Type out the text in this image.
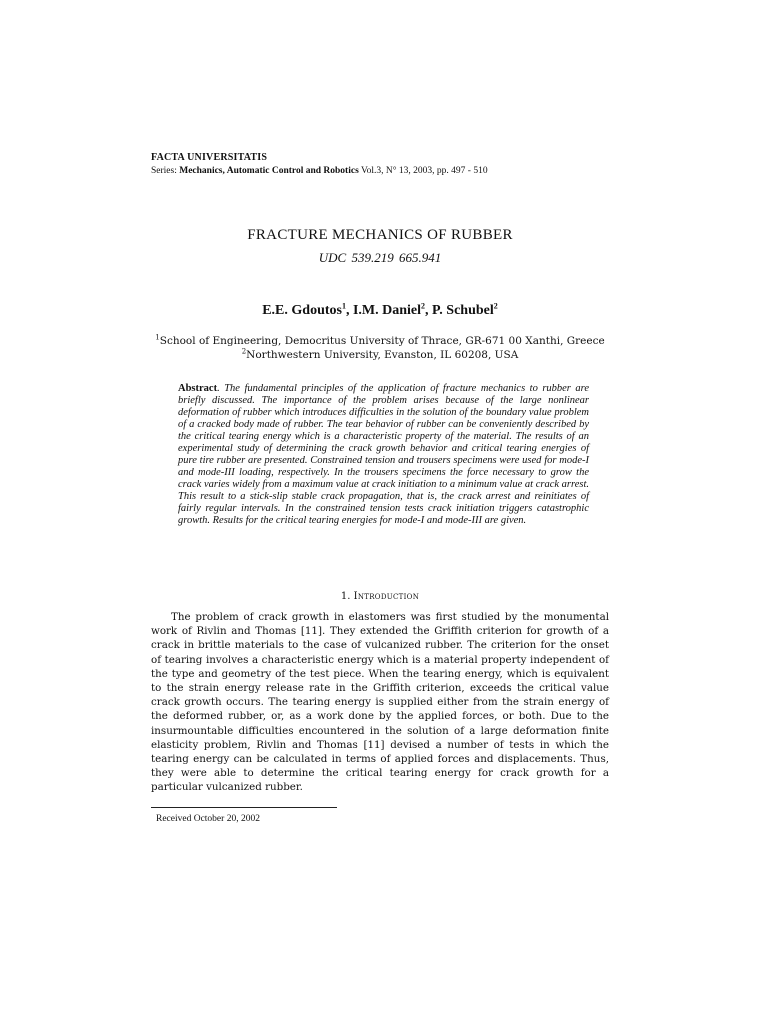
FACTA UNIVERSITATIS
Series: Mechanics, Automatic Control and Robotics Vol.3, N° 13, 2003, pp. 497 - 510
FRACTURE MECHANICS OF RUBBER
UDC 539.219 665.941
E.E. Gdoutos$^1$, I.M. Daniel$^2$, P. Schubel$^2$
$^1$School of Engineering, Democritus University of Thrace, GR-671 00 Xanthi, Greece
$^2$Northwestern University, Evanston, IL 60208, USA
Abstract. The fundamental principles of the application of fracture mechanics to rubber are briefly discussed. The importance of the problem arises because of the large nonlinear deformation of rubber which introduces difficulties in the solution of the boundary value problem of a cracked body made of rubber. The tear behavior of rubber can be conveniently described by the critical tearing energy which is a characteristic property of the material. The results of an experimental study of determining the crack growth behavior and critical tearing energies of pure tire rubber are presented. Constrained tension and trousers specimens were used for mode-I and mode-III loading, respectively. In the trousers specimens the force necessary to grow the crack varies widely from a maximum value at crack initiation to a minimum value at crack arrest. This result to a stick-slip stable crack propagation, that is, the crack arrest and reinitiates of fairly regular intervals. In the constrained tension tests crack initiation triggers catastrophic growth. Results for the critical tearing energies for mode-I and mode-III are given.
1. Introduction
The problem of crack growth in elastomers was first studied by the monumental work of Rivlin and Thomas [11]. They extended the Griffith criterion for growth of a crack in brittle materials to the case of vulcanized rubber. The criterion for the onset of tearing involves a characteristic energy which is a material property independent of the type and geometry of the test piece. When the tearing energy, which is equivalent to the strain energy release rate in the Griffith criterion, exceeds the critical value crack growth occurs. The tearing energy is supplied either from the strain energy of the deformed rubber, or, as a work done by the applied forces, or both. Due to the insurmountable difficulties encountered in the solution of a large deformation finite elasticity problem, Rivlin and Thomas [11] devised a number of tests in which the tearing energy can be calculated in terms of applied forces and displacements. Thus, they were able to determine the critical tearing energy for crack growth for a particular vulcanized rubber.
Received October 20, 2002
